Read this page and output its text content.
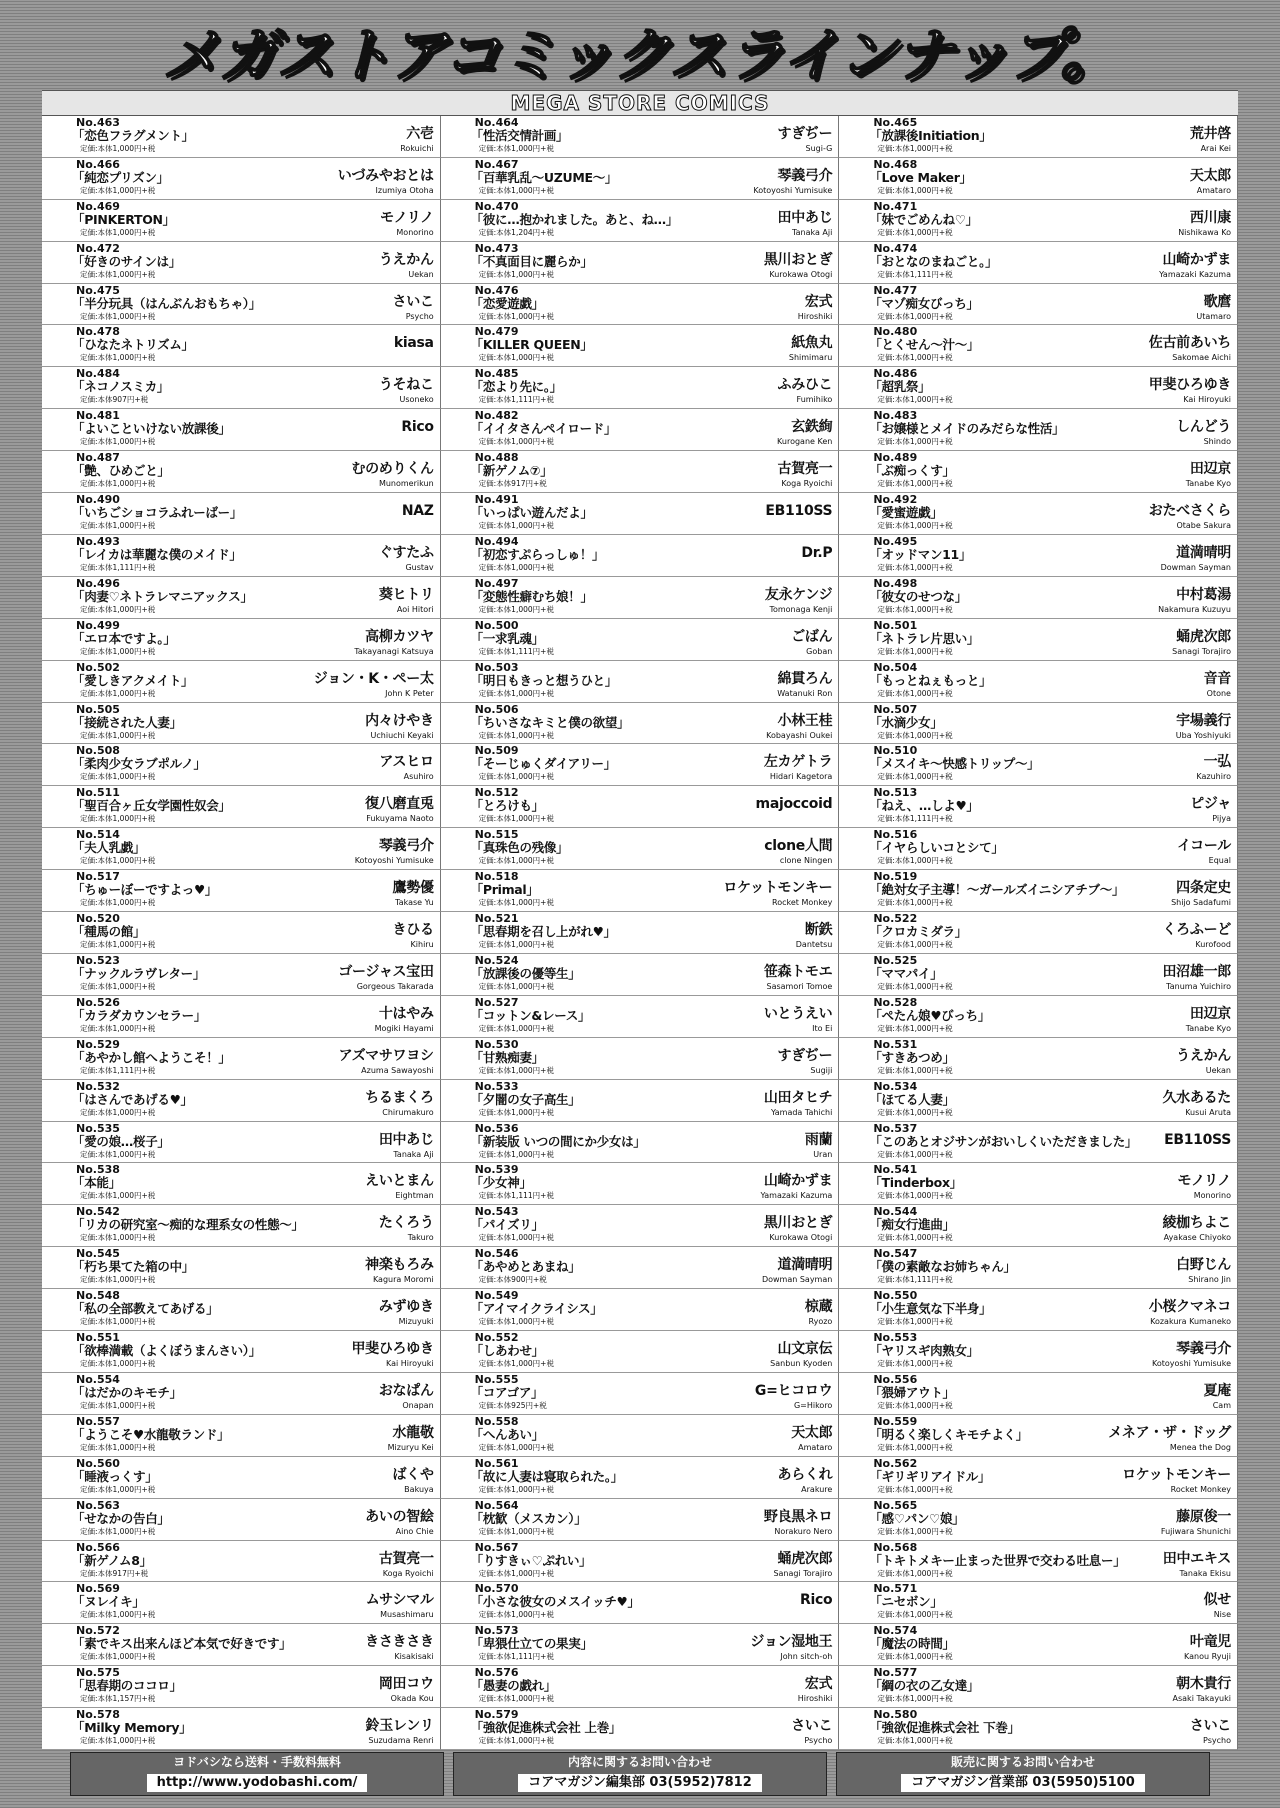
メガストアコミックスラインナップ。
MEGA STORE COMICS
No.463
「恋色フラグメント」
定価:本体1,000円+税
六壱
Rokuichi
No.466
「純恋プリズン」
定価:本体1,000円+税
いづみやおとは
Izumiya Otoha
No.469
「PINKERTON」
定価:本体1,000円+税
モノリノ
Monorino
No.472
「好きのサインは」
定価:本体1,000円+税
うえかん
Uekan
No.475
「半分玩具（はんぶんおもちゃ）」
定価:本体1,000円+税
さいこ
Psycho
No.478
「ひなたネトリズム」
定価:本体1,000円+税
kiasa
No.484
「ネコノスミカ」
定価:本体907円+税
うそねこ
Usoneko
No.481
「よいこといけない放課後」
定価:本体1,000円+税
Rico
No.487
「艶、ひめごと」
定価:本体1,000円+税
むのめりくん
Munomerikun
No.490
「いちごショコラふれーばー」
定価:本体1,000円+税
NAZ
No.493
「レイカは華麗な僕のメイド」
定価:本体1,111円+税
ぐすたふ
Gustav
No.496
「肉妻♡ネトラレマニアックス」
定価:本体1,000円+税
葵ヒトリ
Aoi Hitori
No.499
「エロ本ですよ。」
定価:本体1,000円+税
高柳カツヤ
Takayanagi Katsuya
No.502
「愛しきアクメイト」
定価:本体1,000円+税
ジョン・K・ペー太
John K Peter
No.505
「接続された人妻」
定価:本体1,000円+税
内々けやき
Uchiuchi Keyaki
No.508
「柔肉少女ラブポルノ」
定価:本体1,000円+税
アスヒロ
Asuhiro
No.511
「聖百合ヶ丘女学園性奴会」
定価:本体1,000円+税
復八磨直兎
Fukuyama Naoto
No.514
「夫人乳戯」
定価:本体1,000円+税
琴義弓介
Kotoyoshi Yumisuke
No.517
「ちゅーぼーですよっ♥」
定価:本体1,000円+税
鷹勢優
Takase Yu
No.520
「種馬の館」
定価:本体1,000円+税
きひる
Kihiru
No.523
「ナックルラヴレター」
定価:本体1,000円+税
ゴージャス宝田
Gorgeous Takarada
No.526
「カラダカウンセラー」
定価:本体1,000円+税
十はやみ
Mogiki Hayami
No.529
「あやかし館へようこそ！」
定価:本体1,111円+税
アズマサワヨシ
Azuma Sawayoshi
No.532
「はさんであげる♥」
定価:本体1,000円+税
ちるまくろ
Chirumakuro
No.535
「愛の娘…桜子」
定価:本体1,000円+税
田中あじ
Tanaka Aji
No.538
「本能」
定価:本体1,000円+税
えいとまん
Eightman
No.542
「リカの研究室～痴的な理系女の性態～」
定価:本体1,000円+税
たくろう
Takuro
No.545
「朽ち果てた箱の中」
定価:本体1,000円+税
神楽もろみ
Kagura Moromi
No.548
「私の全部教えてあげる」
定価:本体1,000円+税
みずゆき
Mizuyuki
No.551
「欲棒満載（よくぼうまんさい）」
定価:本体1,000円+税
甲斐ひろゆき
Kai Hiroyuki
No.554
「はだかのキモチ」
定価:本体1,000円+税
おなぱん
Onapan
No.557
「ようこそ♥水龍敬ランド」
定価:本体1,000円+税
水龍敬
Mizuryu Kei
No.560
「睡液っくす」
定価:本体1,000円+税
ばくや
Bakuya
No.563
「せなかの告白」
定価:本体1,000円+税
あいの智絵
Aino Chie
No.566
「新ゲノム8」
定価:本体917円+税
古賀亮一
Koga Ryoichi
No.569
「ヌレイキ」
定価:本体1,000円+税
ムサシマル
Musashimaru
No.572
「素でキス出来んほど本気で好きです」
定価:本体1,000円+税
きさきさき
Kisakisaki
No.575
「思春期のココロ」
定価:本体1,157円+税
岡田コウ
Okada Kou
No.578
「Milky Memory」
定価:本体1,000円+税
鈴玉レンリ
Suzudama Renri
No.464
「性活交情計画」
定価:本体1,000円+税
すぎぢー
Sugi-G
No.467
「百華乳乱～UZUME～」
定価:本体1,000円+税
琴義弓介
Kotoyoshi Yumisuke
No.470
「彼に…抱かれました。あと、ね…」
定価:本体1,204円+税
田中あじ
Tanaka Aji
No.473
「不真面目に麗らか」
定価:本体1,000円+税
黒川おとぎ
Kurokawa Otogi
No.476
「恋愛遊戯」
定価:本体1,000円+税
宏式
Hiroshiki
No.479
「KILLER QUEEN」
定価:本体1,000円+税
紙魚丸
Shimimaru
No.485
「恋より先に。」
定価:本体1,111円+税
ふみひこ
Fumihiko
No.482
「イイタさんペイロード」
定価:本体1,000円+税
玄鉄絢
Kurogane Ken
No.488
「新ゲノム⑦」
定価:本体917円+税
古賀亮一
Koga Ryoichi
No.491
「いっぱい遊んだよ」
定価:本体1,000円+税
EB110SS
No.494
「初恋すぷらっしゅ！」
定価:本体1,000円+税
Dr.P
No.497
「変態性癖むち娘！」
定価:本体1,000円+税
友永ケンジ
Tomonaga Kenji
No.500
「一求乳魂」
定価:本体1,111円+税
ごばん
Goban
No.503
「明日もきっと想うひと」
定価:本体1,000円+税
綿貫ろん
Watanuki Ron
No.506
「ちいさなキミと僕の欲望」
定価:本体1,000円+税
小林王桂
Kobayashi Oukei
No.509
「そーじゅくダイアリー」
定価:本体1,000円+税
左カゲトラ
Hidari Kagetora
No.512
「とろけも」
定価:本体1,000円+税
majoccoid
No.515
「真珠色の残像」
定価:本体1,000円+税
clone人間
clone Ningen
No.518
「Primal」
定価:本体1,000円+税
ロケットモンキー
Rocket Monkey
No.521
「思春期を召し上がれ♥」
定価:本体1,000円+税
断鉄
Dantetsu
No.524
「放課後の優等生」
定価:本体1,000円+税
笹森トモエ
Sasamori Tomoe
No.527
「コットン&レース」
定価:本体1,000円+税
いとうえい
Ito Ei
No.530
「甘熟痴妻」
定価:本体1,000円+税
すぎぢー
Sugiji
No.533
「夕闇の女子高生」
定価:本体1,000円+税
山田タヒチ
Yamada Tahichi
No.536
「新装版 いつの間にか少女は」
定価:本体1,000円+税
雨蘭
Uran
No.539
「少女神」
定価:本体1,111円+税
山崎かずま
Yamazaki Kazuma
No.543
「パイズリ」
定価:本体1,000円+税
黒川おとぎ
Kurokawa Otogi
No.546
「あやめとあまね」
定価:本体900円+税
道満晴明
Dowman Sayman
No.549
「アイマイクライシス」
定価:本体1,000円+税
椋蔵
Ryozo
No.552
「しあわせ」
定価:本体1,000円+税
山文京伝
Sanbun Kyoden
No.555
「コアゴア」
定価:本体925円+税
G=ヒコロウ
G=Hikoro
No.558
「へんあい」
定価:本体1,000円+税
天太郎
Amataro
No.561
「故に人妻は寝取られた。」
定価:本体1,000円+税
あらくれ
Arakure
No.564
「枕歓（メスカン）」
定価:本体1,000円+税
野良黒ネロ
Norakuro Nero
No.567
「りすきぃ♡ぷれい」
定価:本体1,000円+税
蛹虎次郎
Sanagi Torajiro
No.570
「小さな彼女のメスイッチ♥」
定価:本体1,000円+税
Rico
No.573
「卑猥仕立ての果実」
定価:本体1,111円+税
ジョン湿地王
John sitch-oh
No.576
「愚妻の戯れ」
定価:本体1,000円+税
宏式
Hiroshiki
No.579
「強欲促進株式会社 上巻」
定価:本体1,000円+税
さいこ
Psycho
No.465
「放課後Initiation」
定価:本体1,000円+税
荒井啓
Arai Kei
No.468
「Love Maker」
定価:本体1,000円+税
天太郎
Amataro
No.471
「妹でごめんね♡」
定価:本体1,000円+税
西川康
Nishikawa Ko
No.474
「おとなのまねごと。」
定価:本体1,111円+税
山崎かずま
Yamazaki Kazuma
No.477
「マゾ痴女びっち」
定価:本体1,000円+税
歌麿
Utamaro
No.480
「とくせん～汁～」
定価:本体1,000円+税
佐古前あいち
Sakomae Aichi
No.486
「超乳祭」
定価:本体1,000円+税
甲斐ひろゆき
Kai Hiroyuki
No.483
「お嬢様とメイドのみだらな性活」
定価:本体1,000円+税
しんどう
Shindo
No.489
「ぶ痴っくす」
定価:本体1,000円+税
田辺京
Tanabe Kyo
No.492
「愛蜜遊戯」
定価:本体1,000円+税
おたべさくら
Otabe Sakura
No.495
「オッドマン11」
定価:本体1,000円+税
道満晴明
Dowman Sayman
No.498
「彼女のせつな」
定価:本体1,000円+税
中村葛湯
Nakamura Kuzuyu
No.501
「ネトラレ片思い」
定価:本体1,000円+税
蛹虎次郎
Sanagi Torajiro
No.504
「もっとねぇもっと」
定価:本体1,000円+税
音音
Otone
No.507
「水滴少女」
定価:本体1,000円+税
宇場義行
Uba Yoshiyuki
No.510
「メスイキ～快感トリップ～」
定価:本体1,000円+税
一弘
Kazuhiro
No.513
「ねえ、…しよ♥」
定価:本体1,111円+税
ピジャ
Pijya
No.516
「イヤらしいコとシて」
定価:本体1,000円+税
イコール
Equal
No.519
「絶対女子主導！～ガールズイニシアチブ～」
定価:本体1,000円+税
四条定史
Shijo Sadafumi
No.522
「クロカミダラ」
定価:本体1,000円+税
くろふーど
Kurofood
No.525
「ママパイ」
定価:本体1,000円+税
田沼雄一郎
Tanuma Yuichiro
No.528
「ぺたん娘♥びっち」
定価:本体1,000円+税
田辺京
Tanabe Kyo
No.531
「すきあつめ」
定価:本体1,000円+税
うえかん
Uekan
No.534
「ほてる人妻」
定価:本体1,000円+税
久水あるた
Kusui Aruta
No.537
「このあとオジサンがおいしくいただきました」
定価:本体1,000円+税
EB110SS
No.541
「Tinderbox」
定価:本体1,000円+税
モノリノ
Monorino
No.544
「痴女行進曲」
定価:本体1,000円+税
綾枷ちよこ
Ayakase Chiyoko
No.547
「僕の素敵なお姉ちゃん」
定価:本体1,111円+税
白野じん
Shirano Jin
No.550
「小生意気な下半身」
定価:本体1,000円+税
小桜クマネコ
Kozakura Kumaneko
No.553
「ヤリスギ肉熟女」
定価:本体1,000円+税
琴義弓介
Kotoyoshi Yumisuke
No.556
「猥婦アウト」
定価:本体1,000円+税
夏庵
Cam
No.559
「明るく楽しくキモチよく」
定価:本体1,000円+税
メネア・ザ・ドッグ
Menea the Dog
No.562
「ギリギリアイドル」
定価:本体1,000円+税
ロケットモンキー
Rocket Monkey
No.565
「感♡パン♡娘」
定価:本体1,000円+税
藤原俊一
Fujiwara Shunichi
No.568
「トキトメキー止まった世界で交わる吐息ー」
定価:本体1,000円+税
田中エキス
Tanaka Ekisu
No.571
「ニセボン」
定価:本体1,000円+税
似せ
Nise
No.574
「魔法の時間」
定価:本体1,000円+税
叶竜児
Kanou Ryuji
No.577
「綱の衣の乙女達」
定価:本体1,000円+税
朝木貴行
Asaki Takayuki
No.580
「強欲促進株式会社 下巻」
定価:本体1,000円+税
さいこ
Psycho
ヨドバシなら送料・手数料無料
http://www.yodobashi.com/
内容に関するお問い合わせ
コアマガジン編集部 03(5952)7812
販売に関するお問い合わせ
コアマガジン営業部 03(5950)5100
